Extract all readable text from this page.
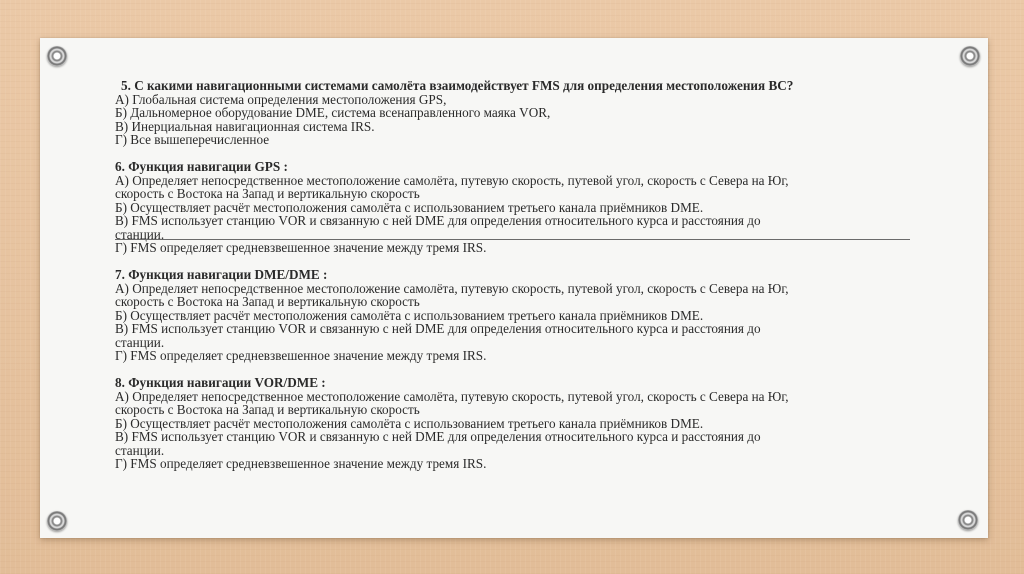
5. С какими навигационными системами самолёта взаимодействует FMS для определения местоположения ВС?
А) Глобальная система определения местоположения GPS,
Б) Дальномерное оборудование DME, система всенаправленного маяка VOR,
В) Инерциальная навигационная система IRS.
Г) Все вышеперечисленное
6. Функция навигации GPS :
А) Определяет непосредственное местоположение самолёта, путевую скорость, путевой угол, скорость с Севера на Юг,
скорость с Востока на Запад и вертикальную скорость
Б) Осуществляет расчёт местоположения самолёта с использованием третьего канала приёмников DME.
В) FMS использует станцию VOR и связанную с ней DME для определения относительного курса и расстояния до
станции.
Г) FMS определяет средневзвешенное значение между тремя IRS.
7. Функция навигации DME/DME :
А) Определяет непосредственное местоположение самолёта, путевую скорость, путевой угол, скорость с Севера на Юг,
скорость с Востока на Запад и вертикальную скорость
Б) Осуществляет расчёт местоположения самолёта с использованием третьего канала приёмников DME.
В) FMS использует станцию VOR и связанную с ней DME для определения относительного курса и расстояния до
станции.
Г) FMS определяет средневзвешенное значение между тремя IRS.
8. Функция навигации VOR/DME :
А) Определяет непосредственное местоположение самолёта, путевую скорость, путевой угол, скорость с Севера на Юг,
скорость с Востока на Запад и вертикальную скорость
Б) Осуществляет расчёт местоположения самолёта с использованием третьего канала приёмников DME.
В) FMS использует станцию VOR и связанную с ней DME для определения относительного курса и расстояния до
станции.
Г) FMS определяет средневзвешенное значение между тремя IRS.
